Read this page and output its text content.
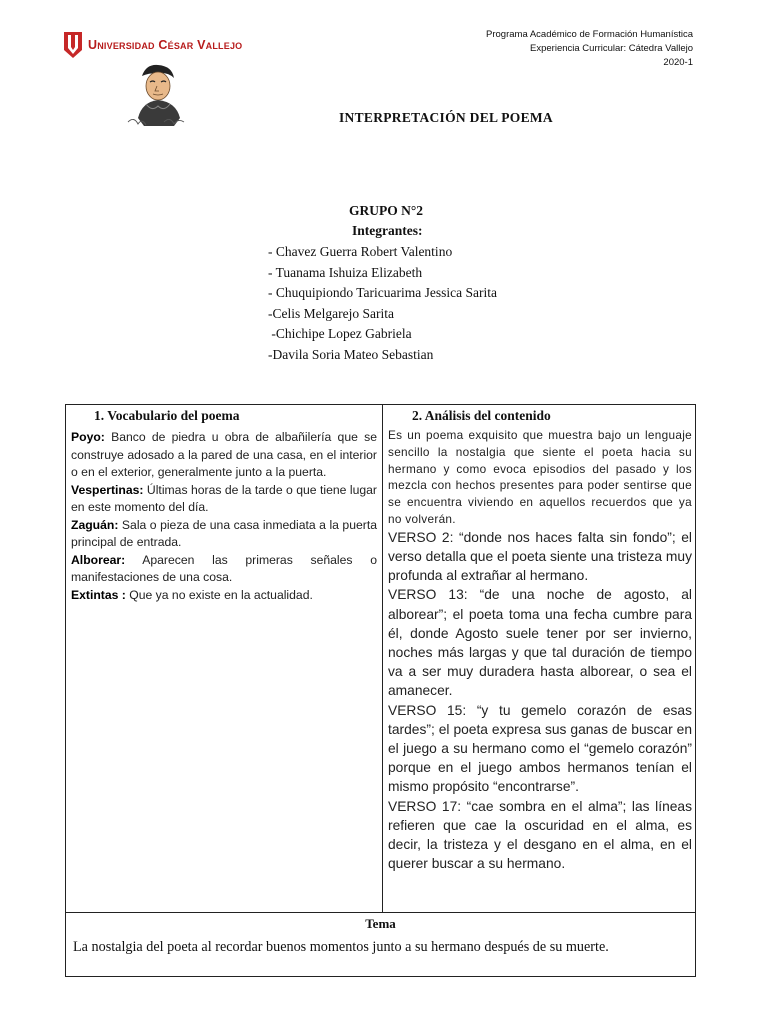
Universidad César Vallejo
Programa Académico de Formación Humanística
Experiencia Curricular: Cátedra Vallejo
2020-1
INTERPRETACIÓN DEL POEMA
GRUPO N°2
Integrantes:
- Chavez Guerra Robert Valentino
- Tuanama Ishuiza Elizabeth
- Chuquipiondo Taricuarima Jessica Sarita
-Celis Melgarejo Sarita
-Chichipe Lopez Gabriela
-Davila Soria Mateo Sebastian
1. Vocabulario del poema	2. Análisis del contenido

Poyo: Banco de piedra u obra de albañilería que se construye adosado a la pared de una casa, en el interior o en el exterior, generalmente junto a la puerta.

Vespertinas: Últimas horas de la tarde o que tiene lugar en este momento del día.

Zaguán: Sala o pieza de una casa inmediata a la puerta principal de entrada.

Alborear: Aparecen las primeras señales o manifestaciones de una cosa.

Extintas : Que ya no existe en la actualidad.

Es un poema exquisito que muestra bajo un lenguaje sencillo la nostalgia que siente el poeta hacia su hermano y como evoca episodios del pasado y los mezcla con hechos presentes para poder sentirse que se encuentra viviendo en aquellos recuerdos que ya no volverán.

VERSO 2: “donde nos haces falta sin fondo”; el verso detalla que el poeta siente una tristeza muy profunda al extrañar al hermano.

VERSO 13: “de una noche de agosto, al alborear”; el poeta toma una fecha cumbre para él, donde Agosto suele tener por ser invierno, noches más largas y que tal duración de tiempo va a ser muy duradera hasta alborear, o sea el amanecer.

VERSO 15: “y tu gemelo corazón de esas tardes”; el poeta expresa sus ganas de buscar en el juego a su hermano como el “gemelo corazón” porque en el juego ambos hermanos tenían el mismo propósito “encontrarse”.

VERSO 17: “cae sombra en el alma”; las líneas refieren que cae la oscuridad en el alma, es decir, la tristeza y el desgano en el alma, en el querer buscar a su hermano.

Tema
La nostalgia del poeta al recordar buenos momentos junto a su hermano después de su muerte.
